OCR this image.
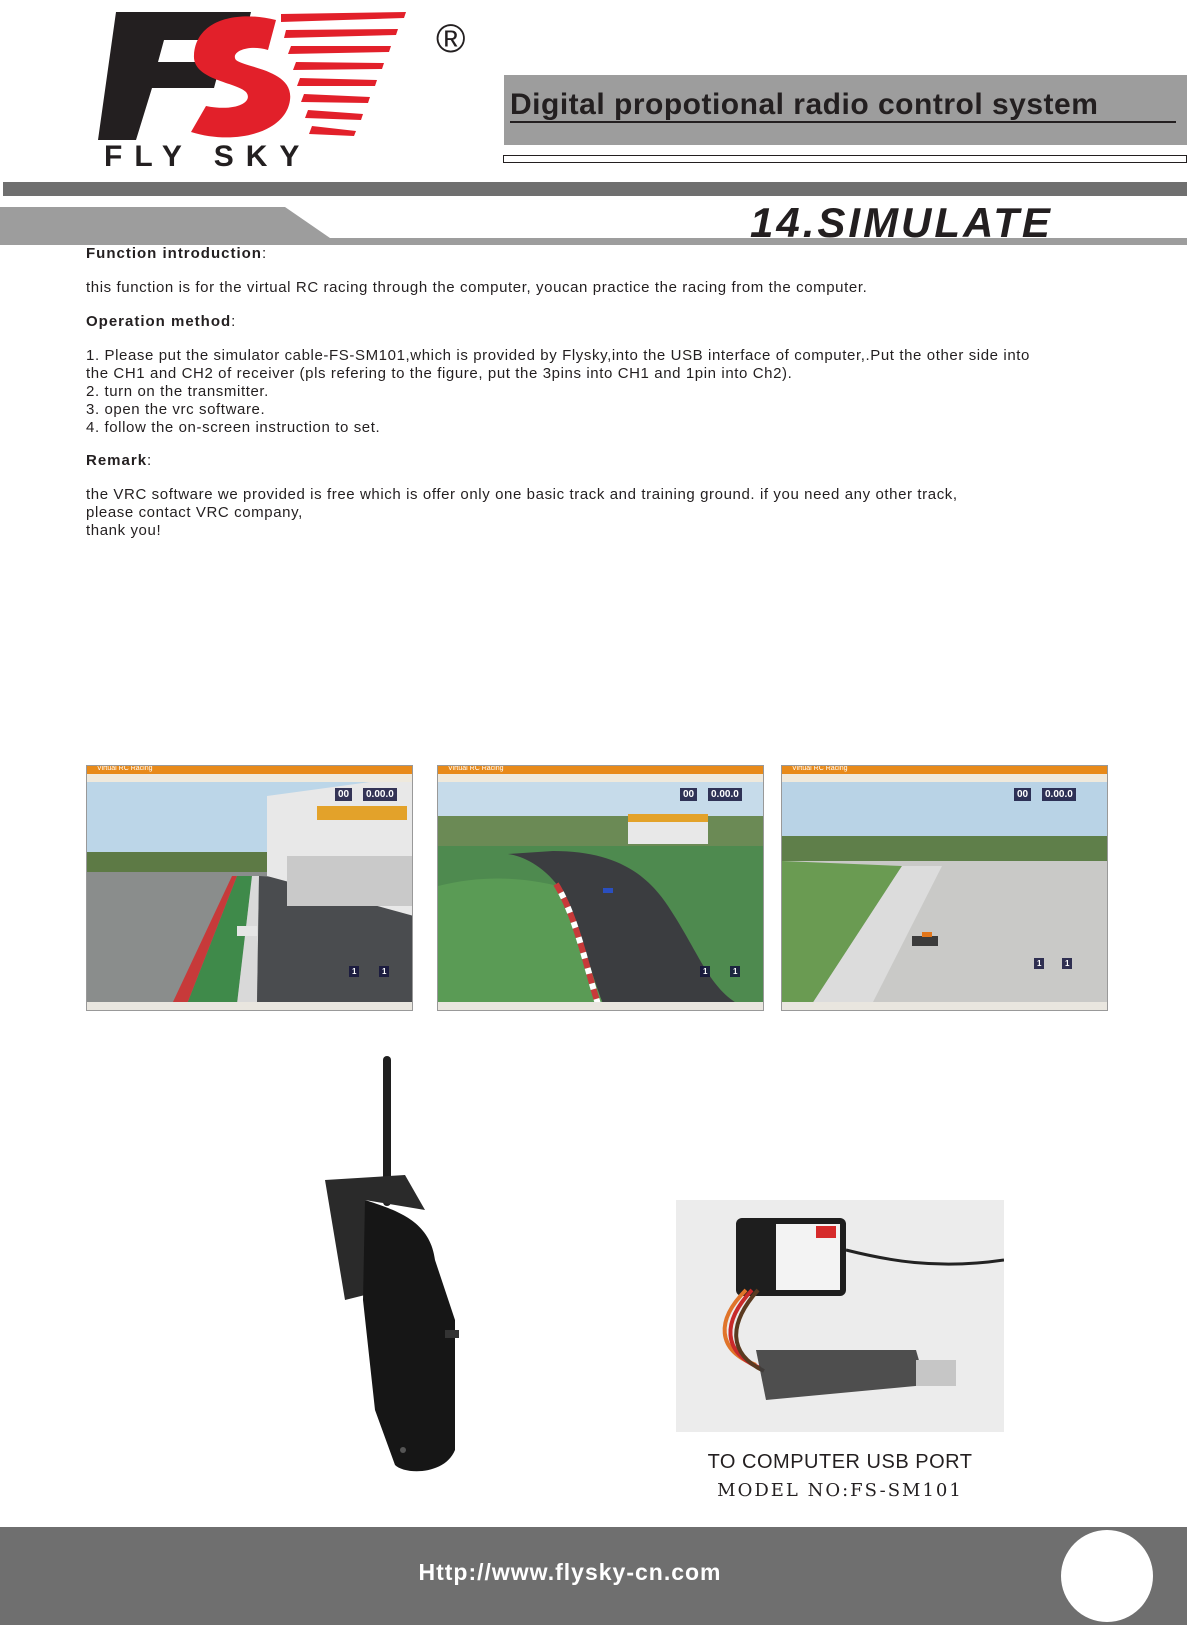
®
FLY SKY
Digital propotional radio control system
14.SIMULATE
Function introduction:
this function is for the virtual RC racing through the computer, youcan practice the racing from the computer.
Operation method:
1. Please put the simulator cable-FS-SM101,which is provided by Flysky,into the USB interface of computer,.Put the other side into
the CH1 and CH2 of receiver (pls refering to the figure, put the 3pins into CH1 and 1pin into Ch2).
2. turn on the transmitter.
3. open the vrc software.
4. follow the on-screen instruction to set.
Remark:
the VRC software we provided is free which is offer only one basic track and training ground. if you need any other track,
please contact VRC company,
thank you!
Virtual RC Racing
00	0.00.0
1	1
Virtual RC Racing
00	0.00.0
1	1
Virtual RC Racing
00	0.00.0
1	1
TO COMPUTER USB PORT
MODEL NO:FS-SM101
Http://www.flysky-cn.com
